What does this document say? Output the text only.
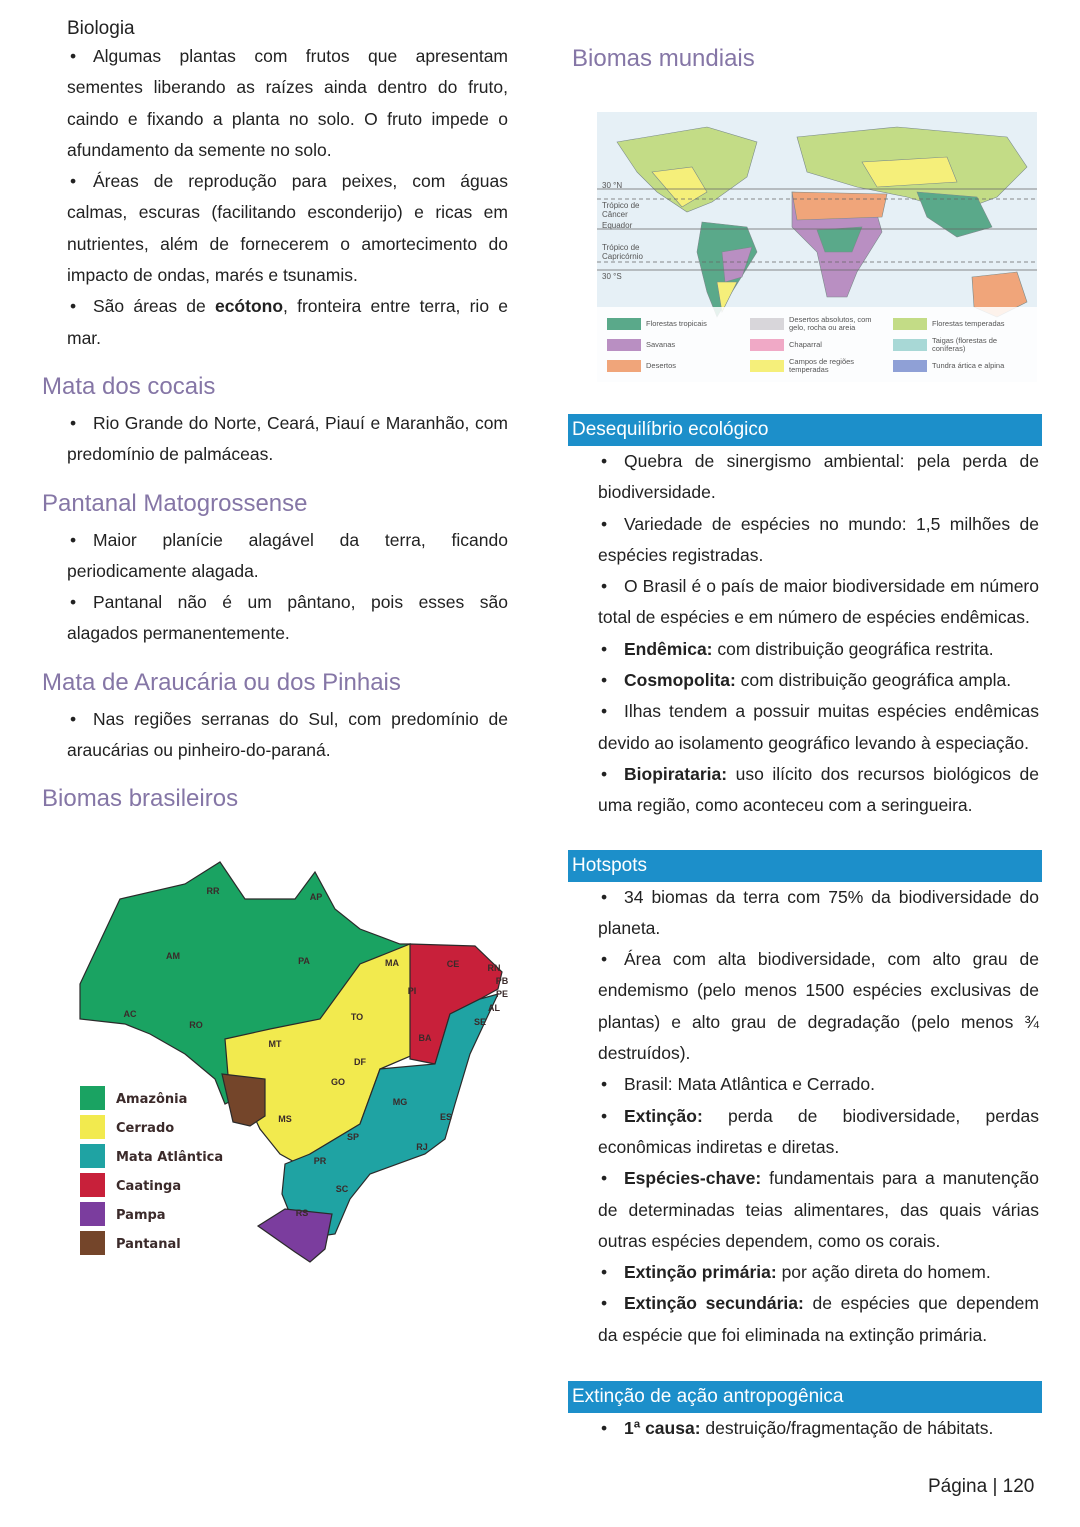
Biologia

• Algumas plantas com frutos que apresentam sementes liberando as raízes ainda dentro do fruto, caindo e fixando a planta no solo. O fruto impede o afundamento da semente no solo.

• Áreas de reprodução para peixes, com águas calmas, escuras (facilitando esconderijo) e ricas em nutrientes, além de fornecerem o amortecimento do impacto de ondas, marés e tsunamis.

• São áreas de ecótono, fronteira entre terra, rio e mar.

Mata dos cocais

• Rio Grande do Norte, Ceará, Piauí e Maranhão, com predomínio de palmáceas.

Pantanal Matogrossense

• Maior planície alagável da terra, ficando periodicamente alagada.

• Pantanal não é um pântano, pois esses são alagados permanentemente.

Mata de Araucária ou dos Pinhais

• Nas regiões serranas do Sul, com predomínio de araucárias ou pinheiro-do-paraná.

Biomas brasileiros
RR
AP
AM	PA	MA	CE	RN
PB
PE
AL
SE
PI
AC
RO
TO
BA
MT
DF
GO
MG
ES
MS
SP
RJ
PR
SC
RS
Amazônia
Cerrado
Mata Atlântica
Caatinga
Pampa
Pantanal
Biomas mundiais
30 °N
Trópico de Câncer
Equador
Trópico de Capricórnio
30 °S
Florestas tropicais
Savanas
Desertos
Desertos absolutos, com gelo, rocha ou areia
Chaparral
Campos de regiões temperadas
Florestas temperadas
Taigas (florestas de coníferas)
Tundra ártica e alpina
Desequilíbrio ecológico

• Quebra de sinergismo ambiental: pela perda de biodiversidade.

• Variedade de espécies no mundo: 1,5 milhões de espécies registradas.

• O Brasil é o país de maior biodiversidade em número total de espécies e em número de espécies endêmicas.

• Endêmica: com distribuição geográfica restrita.

• Cosmopolita: com distribuição geográfica ampla.

• Ilhas tendem a possuir muitas espécies endêmicas devido ao isolamento geográfico levando à especiação.

• Biopirataria: uso ilícito dos recursos biológicos de uma região, como aconteceu com a seringueira.

Hotspots

• 34 biomas da terra com 75% da biodiversidade do planeta.

• Área com alta biodiversidade, com alto grau de endemismo (pelo menos 1500 espécies exclusivas de plantas) e alto grau de degradação (pelo menos ¾ destruídos).

• Brasil: Mata Atlântica e Cerrado.

• Extinção: perda de biodiversidade, perdas econômicas indiretas e diretas.

• Espécies-chave: fundamentais para a manutenção de determinadas teias alimentares, das quais várias outras espécies dependem, como os corais.

• Extinção primária: por ação direta do homem.

• Extinção secundária: de espécies que dependem da espécie que foi eliminada na extinção primária.

Extinção de ação antropogênica

• 1ª causa: destruição/fragmentação de hábitats.

Página | 120
